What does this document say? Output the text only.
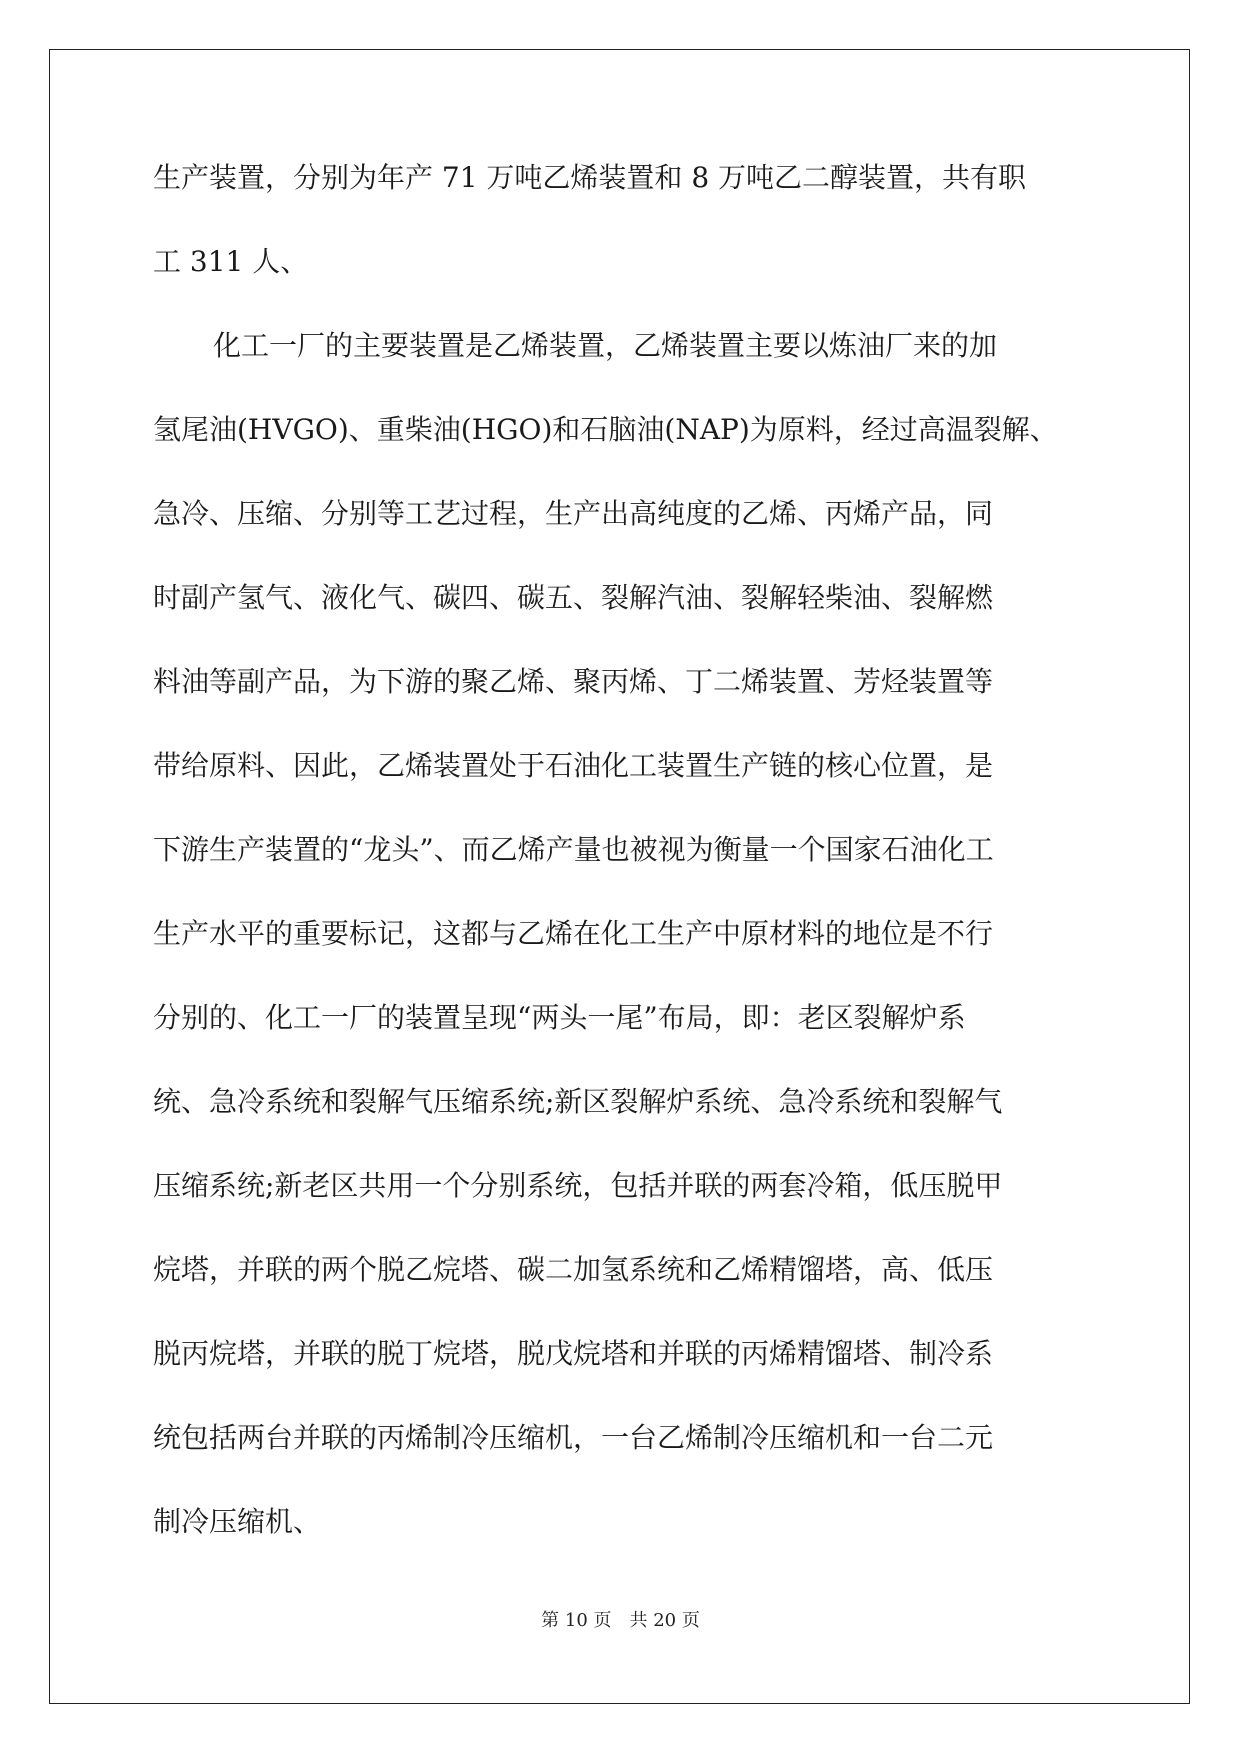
生产装置，分别为年产 71 万吨乙烯装置和 8 万吨乙二醇装置，共有职
工 311 人、
化工一厂的主要装置是乙烯装置，乙烯装置主要以炼油厂来的加
氢尾油(HVGO)、重柴油(HGO)和石脑油(NAP)为原料，经过高温裂解、
急冷、压缩、分别等工艺过程，生产出高纯度的乙烯、丙烯产品，同
时副产氢气、液化气、碳四、碳五、裂解汽油、裂解轻柴油、裂解燃
料油等副产品，为下游的聚乙烯、聚丙烯、丁二烯装置、芳烃装置等
带给原料、因此，乙烯装置处于石油化工装置生产链的核心位置，是
下游生产装置的“龙头”、而乙烯产量也被视为衡量一个国家石油化工
生产水平的重要标记，这都与乙烯在化工生产中原材料的地位是不行
分别的、化工一厂的装置呈现“两头一尾”布局，即：老区裂解炉系
统、急冷系统和裂解气压缩系统;新区裂解炉系统、急冷系统和裂解气
压缩系统;新老区共用一个分别系统，包括并联的两套冷箱，低压脱甲
烷塔，并联的两个脱乙烷塔、碳二加氢系统和乙烯精馏塔，高、低压
脱丙烷塔，并联的脱丁烷塔，脱戊烷塔和并联的丙烯精馏塔、制冷系
统包括两台并联的丙烯制冷压缩机，一台乙烯制冷压缩机和一台二元
制冷压缩机、
第 10 页 共 20 页
